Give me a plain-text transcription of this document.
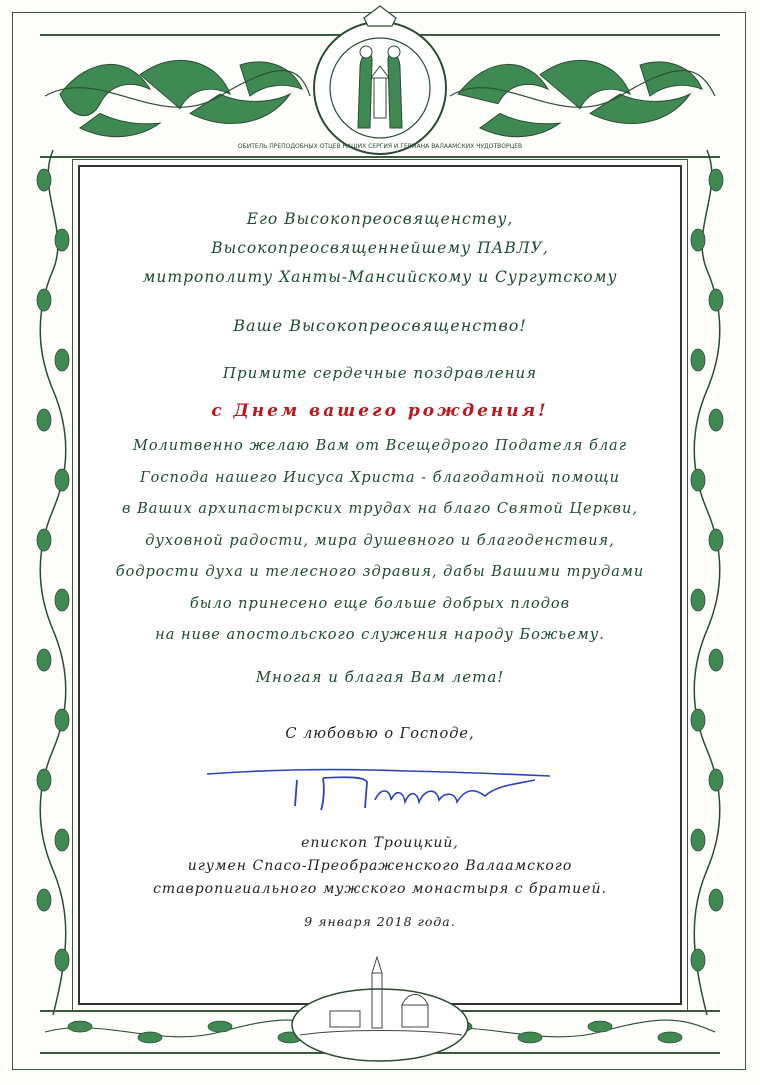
ОБИТЕЛЬ ПРЕПОДОБНЫХ ОТЦЕВ НАШИХ СЕРГИЯ И ГЕРМАНА ВАЛААМСКИХ ЧУДОТВОРЦЕВ
Его Высокопреосвященству,
Высокопреосвященнейшему ПАВЛУ,
митрополиту Ханты-Мансийскому и Сургутскому
Ваше Высокопреосвященство!
Примите сердечные поздравления
с Днем вашего рождения!
Молитвенно желаю Вам от Всещедрого Подателя благ
Господа нашего Иисуса Христа - благодатной помощи
в Ваших архипастырских трудах на благо Святой Церкви,
духовной радости, мира душевного и благоденствия,
бодрости духа и телесного здравия, дабы Вашими трудами
было принесено еще больше добрых плодов
на ниве апостольского служения народу Божьему.
Многая и благая Вам лета!
С любовью о Господе,
епископ Троицкий,
игумен Спасо-Преображенского Валаамского
ставропигиального мужского монастыря с братией.
9 января 2018 года.
